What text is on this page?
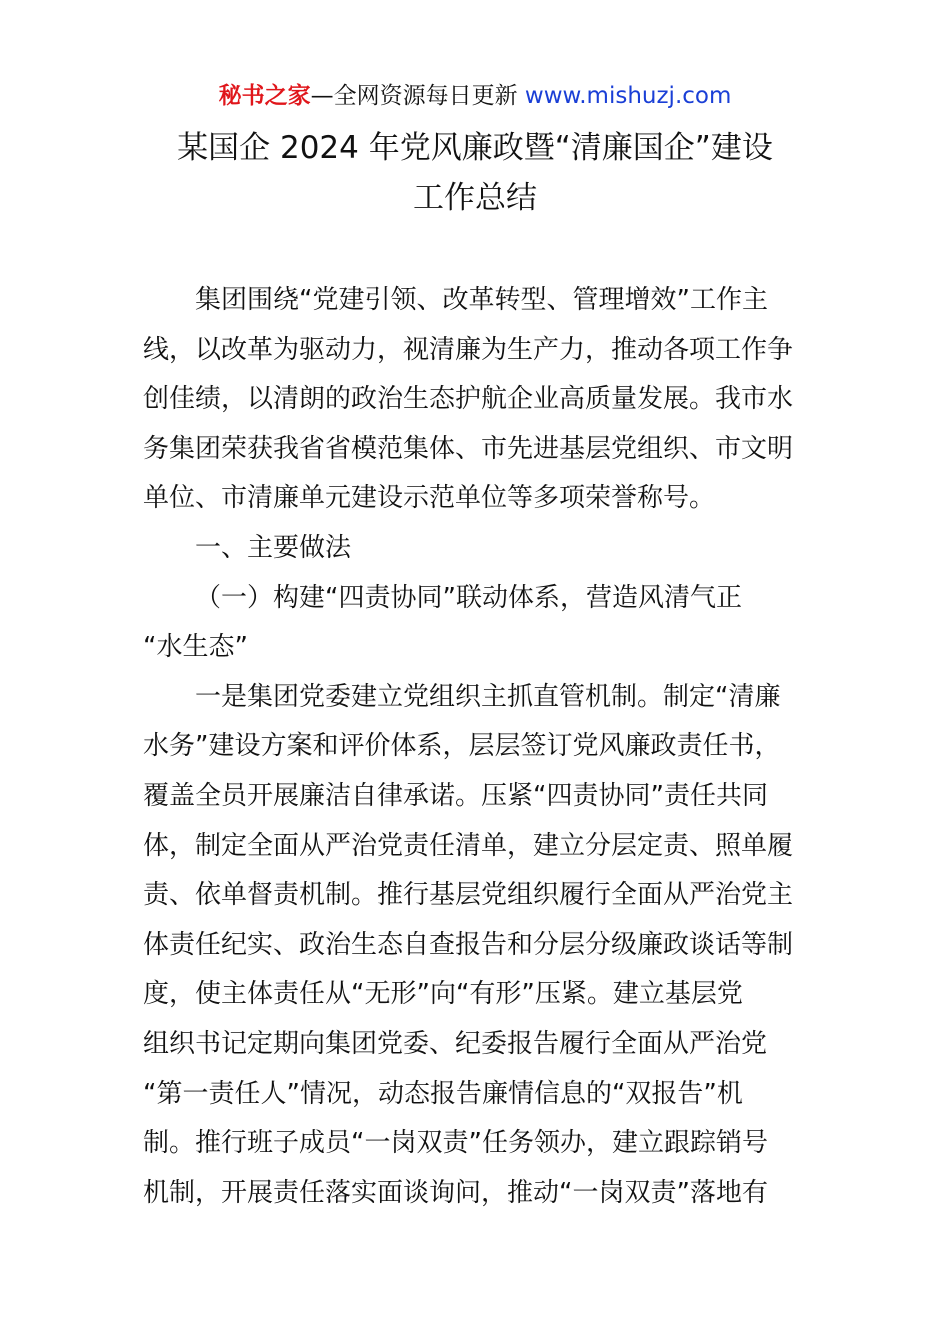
秘书之家—全网资源每日更新 www.mishuzj.com
某国企 2024 年党风廉政暨“清廉国企”建设
工作总结
集团围绕“党建引领、改革转型、管理增效”工作主
线，以改革为驱动力，视清廉为生产力，推动各项工作争
创佳绩，以清朗的政治生态护航企业高质量发展。我市水
务集团荣获我省省模范集体、市先进基层党组织、市文明
单位、市清廉单元建设示范单位等多项荣誉称号。
一、主要做法
（一）构建“四责协同”联动体系，营造风清气正
“水生态”
一是集团党委建立党组织主抓直管机制。制定“清廉
水务”建设方案和评价体系，层层签订党风廉政责任书，
覆盖全员开展廉洁自律承诺。压紧“四责协同”责任共同
体，制定全面从严治党责任清单，建立分层定责、照单履
责、依单督责机制。推行基层党组织履行全面从严治党主
体责任纪实、政治生态自查报告和分层分级廉政谈话等制
度，使主体责任从“无形”向“有形”压紧。建立基层党
组织书记定期向集团党委、纪委报告履行全面从严治党
“第一责任人”情况，动态报告廉情信息的“双报告”机
制。推行班子成员“一岗双责”任务领办，建立跟踪销号
机制，开展责任落实面谈询问，推动“一岗双责”落地有
